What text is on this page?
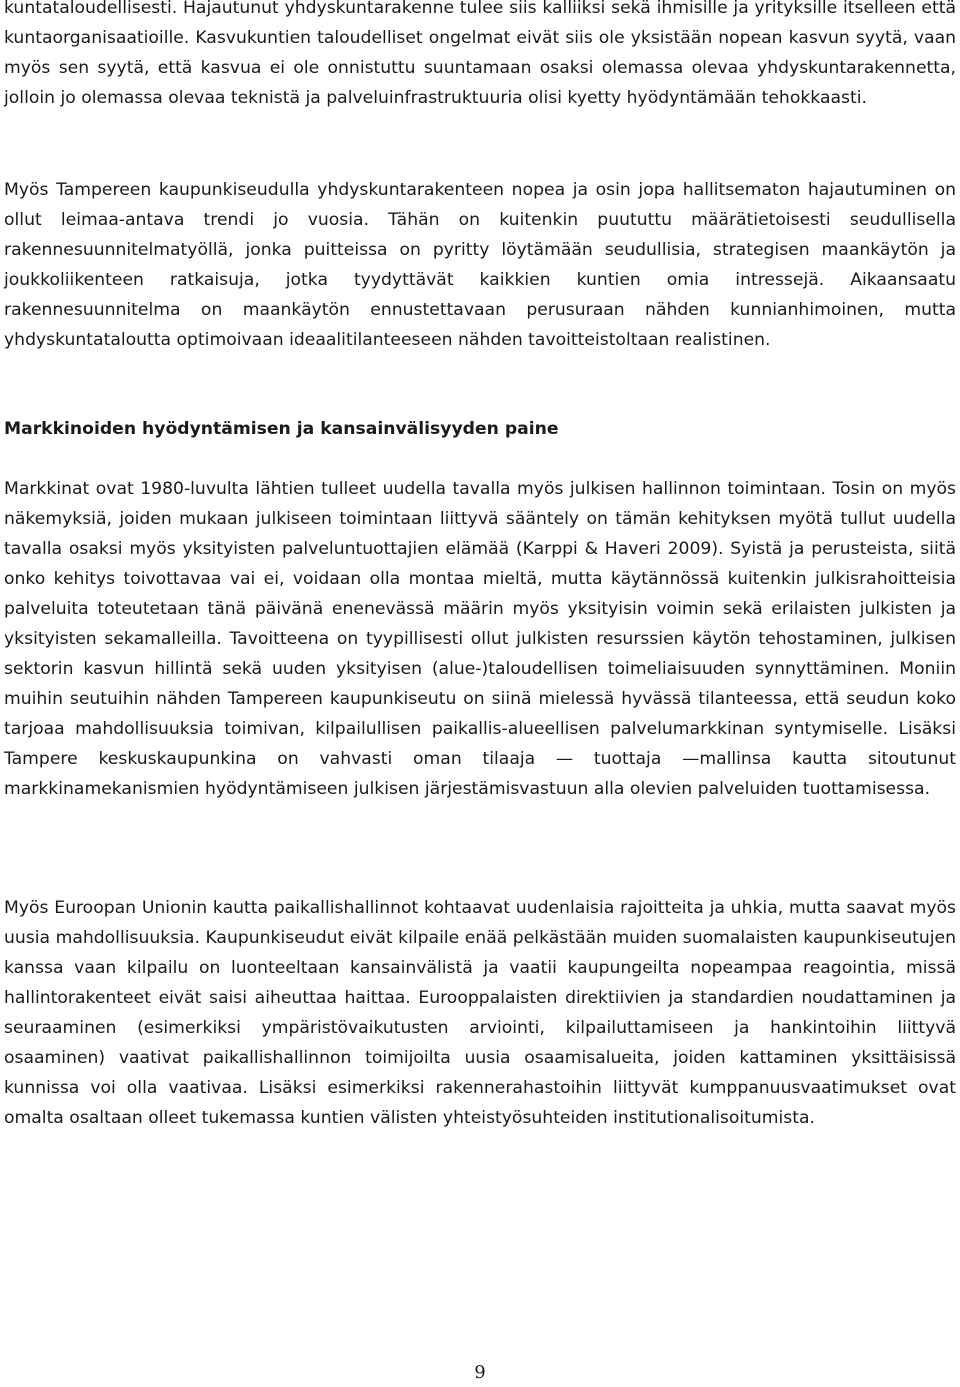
kuntataloudellisesti. Hajautunut yhdyskuntarakenne tulee siis kalliiksi sekä ihmisille ja yrityksille itselleen että kuntaorganisaatioille. Kasvukuntien taloudelliset ongelmat eivät siis ole yksistään nopean kasvun syytä, vaan myös sen syytä, että kasvua ei ole onnistuttu suuntamaan osaksi olemassa olevaa yhdyskuntarakennetta, jolloin jo olemassa olevaa teknistä ja palveluinfrastruktuuria olisi kyetty hyödyntämään tehokkaasti.

Myös Tampereen kaupunkiseudulla yhdyskuntarakenteen nopea ja osin jopa hallitsematon hajautuminen on ollut leimaa-antava trendi jo vuosia. Tähän on kuitenkin puututtu määrätietoisesti seudullisella rakennesuunnitelmatyöllä, jonka puitteissa on pyritty löytämään seudullisia, strategisen maankäytön ja joukkoliikenteen ratkaisuja, jotka tyydyttävät kaikkien kuntien omia intressejä. Aikaansaatu rakennesuunnitelma on maankäytön ennustettavaan perusuraan nähden kunnianhimoinen, mutta yhdyskuntataloutta optimoivaan ideaalitilanteeseen nähden tavoitteistoltaan realistinen.

Markkinoiden hyödyntämisen ja kansainvälisyyden paine

Markkinat ovat 1980-luvulta lähtien tulleet uudella tavalla myös julkisen hallinnon toimintaan. Tosin on myös näkemyksiä, joiden mukaan julkiseen toimintaan liittyvä sääntely on tämän kehityksen myötä tullut uudella tavalla osaksi myös yksityisten palveluntuottajien elämää (Karppi & Haveri 2009). Syistä ja perusteista, siitä onko kehitys toivottavaa vai ei, voidaan olla montaa mieltä, mutta käytännössä kuitenkin julkisrahoitteisia palveluita toteutetaan tänä päivänä enenevässä määrin myös yksityisin voimin sekä erilaisten julkisten ja yksityisten sekamalleilla. Tavoitteena on tyypillisesti ollut julkisten resurssien käytön tehostaminen, julkisen sektorin kasvun hillintä sekä uuden yksityisen (alue-)taloudellisen toimeliaisuuden synnyttäminen. Moniin muihin seutuihin nähden Tampereen kaupunkiseutu on siinä mielessä hyvässä tilanteessa, että seudun koko tarjoaa mahdollisuuksia toimivan, kilpailullisen paikallis-alueellisen palvelumarkkinan syntymiselle. Lisäksi Tampere keskuskaupunkina on vahvasti oman tilaaja — tuottaja —mallinsa kautta sitoutunut markkinamekanismien hyödyntämiseen julkisen järjestämisvastuun alla olevien palveluiden tuottamisessa.

Myös Euroopan Unionin kautta paikallishallinnot kohtaavat uudenlaisia rajoitteita ja uhkia, mutta saavat myös uusia mahdollisuuksia. Kaupunkiseudut eivät kilpaile enää pelkästään muiden suomalaisten kaupunkiseutujen kanssa vaan kilpailu on luonteeltaan kansainvälistä ja vaatii kaupungeilta nopeampaa reagointia, missä hallintorakenteet eivät saisi aiheuttaa haittaa. Eurooppalaisten direktiivien ja standardien noudattaminen ja seuraaminen (esimerkiksi ympäristövaikutusten arviointi, kilpailuttamiseen ja hankintoihin liittyvä osaaminen) vaativat paikallishallinnon toimijoilta uusia osaamisalueita, joiden kattaminen yksittäisissä kunnissa voi olla vaativaa. Lisäksi esimerkiksi rakennerahastoihin liittyvät kumppanuusvaatimukset ovat omalta osaltaan olleet tukemassa kuntien välisten yhteistyösuhteiden institutionalisoitumista.

9
